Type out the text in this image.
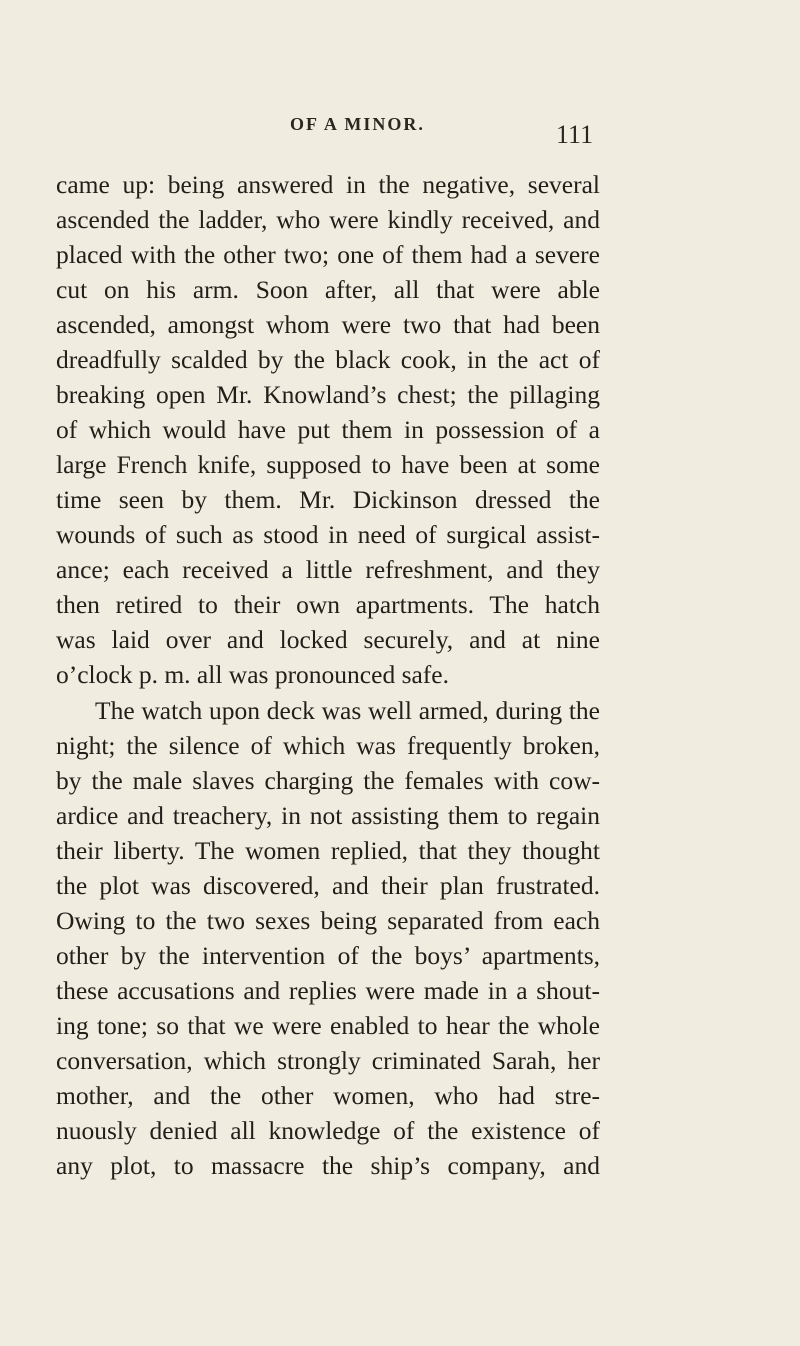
OF A MINOR.	111
came up: being answered in the negative, several
ascended the ladder, who were kindly received, and
placed with the other two; one of them had a severe
cut on his arm. Soon after, all that were able
ascended, amongst whom were two that had been
dreadfully scalded by the black cook, in the act of
breaking open Mr. Knowland’s chest; the pillaging
of which would have put them in possession of a
large French knife, supposed to have been at some
time seen by them. Mr. Dickinson dressed the
wounds of such as stood in need of surgical assist-
ance; each received a little refreshment, and they
then retired to their own apartments. The hatch
was laid over and locked securely, and at nine
o’clock p. m. all was pronounced safe.
The watch upon deck was well armed, during the
night; the silence of which was frequently broken,
by the male slaves charging the females with cow-
ardice and treachery, in not assisting them to regain
their liberty. The women replied, that they thought
the plot was discovered, and their plan frustrated.
Owing to the two sexes being separated from each
other by the intervention of the boys’ apartments,
these accusations and replies were made in a shout-
ing tone; so that we were enabled to hear the whole
conversation, which strongly criminated Sarah, her
mother, and the other women, who had stre-
nuously denied all knowledge of the existence of
any plot, to massacre the ship’s company, and
